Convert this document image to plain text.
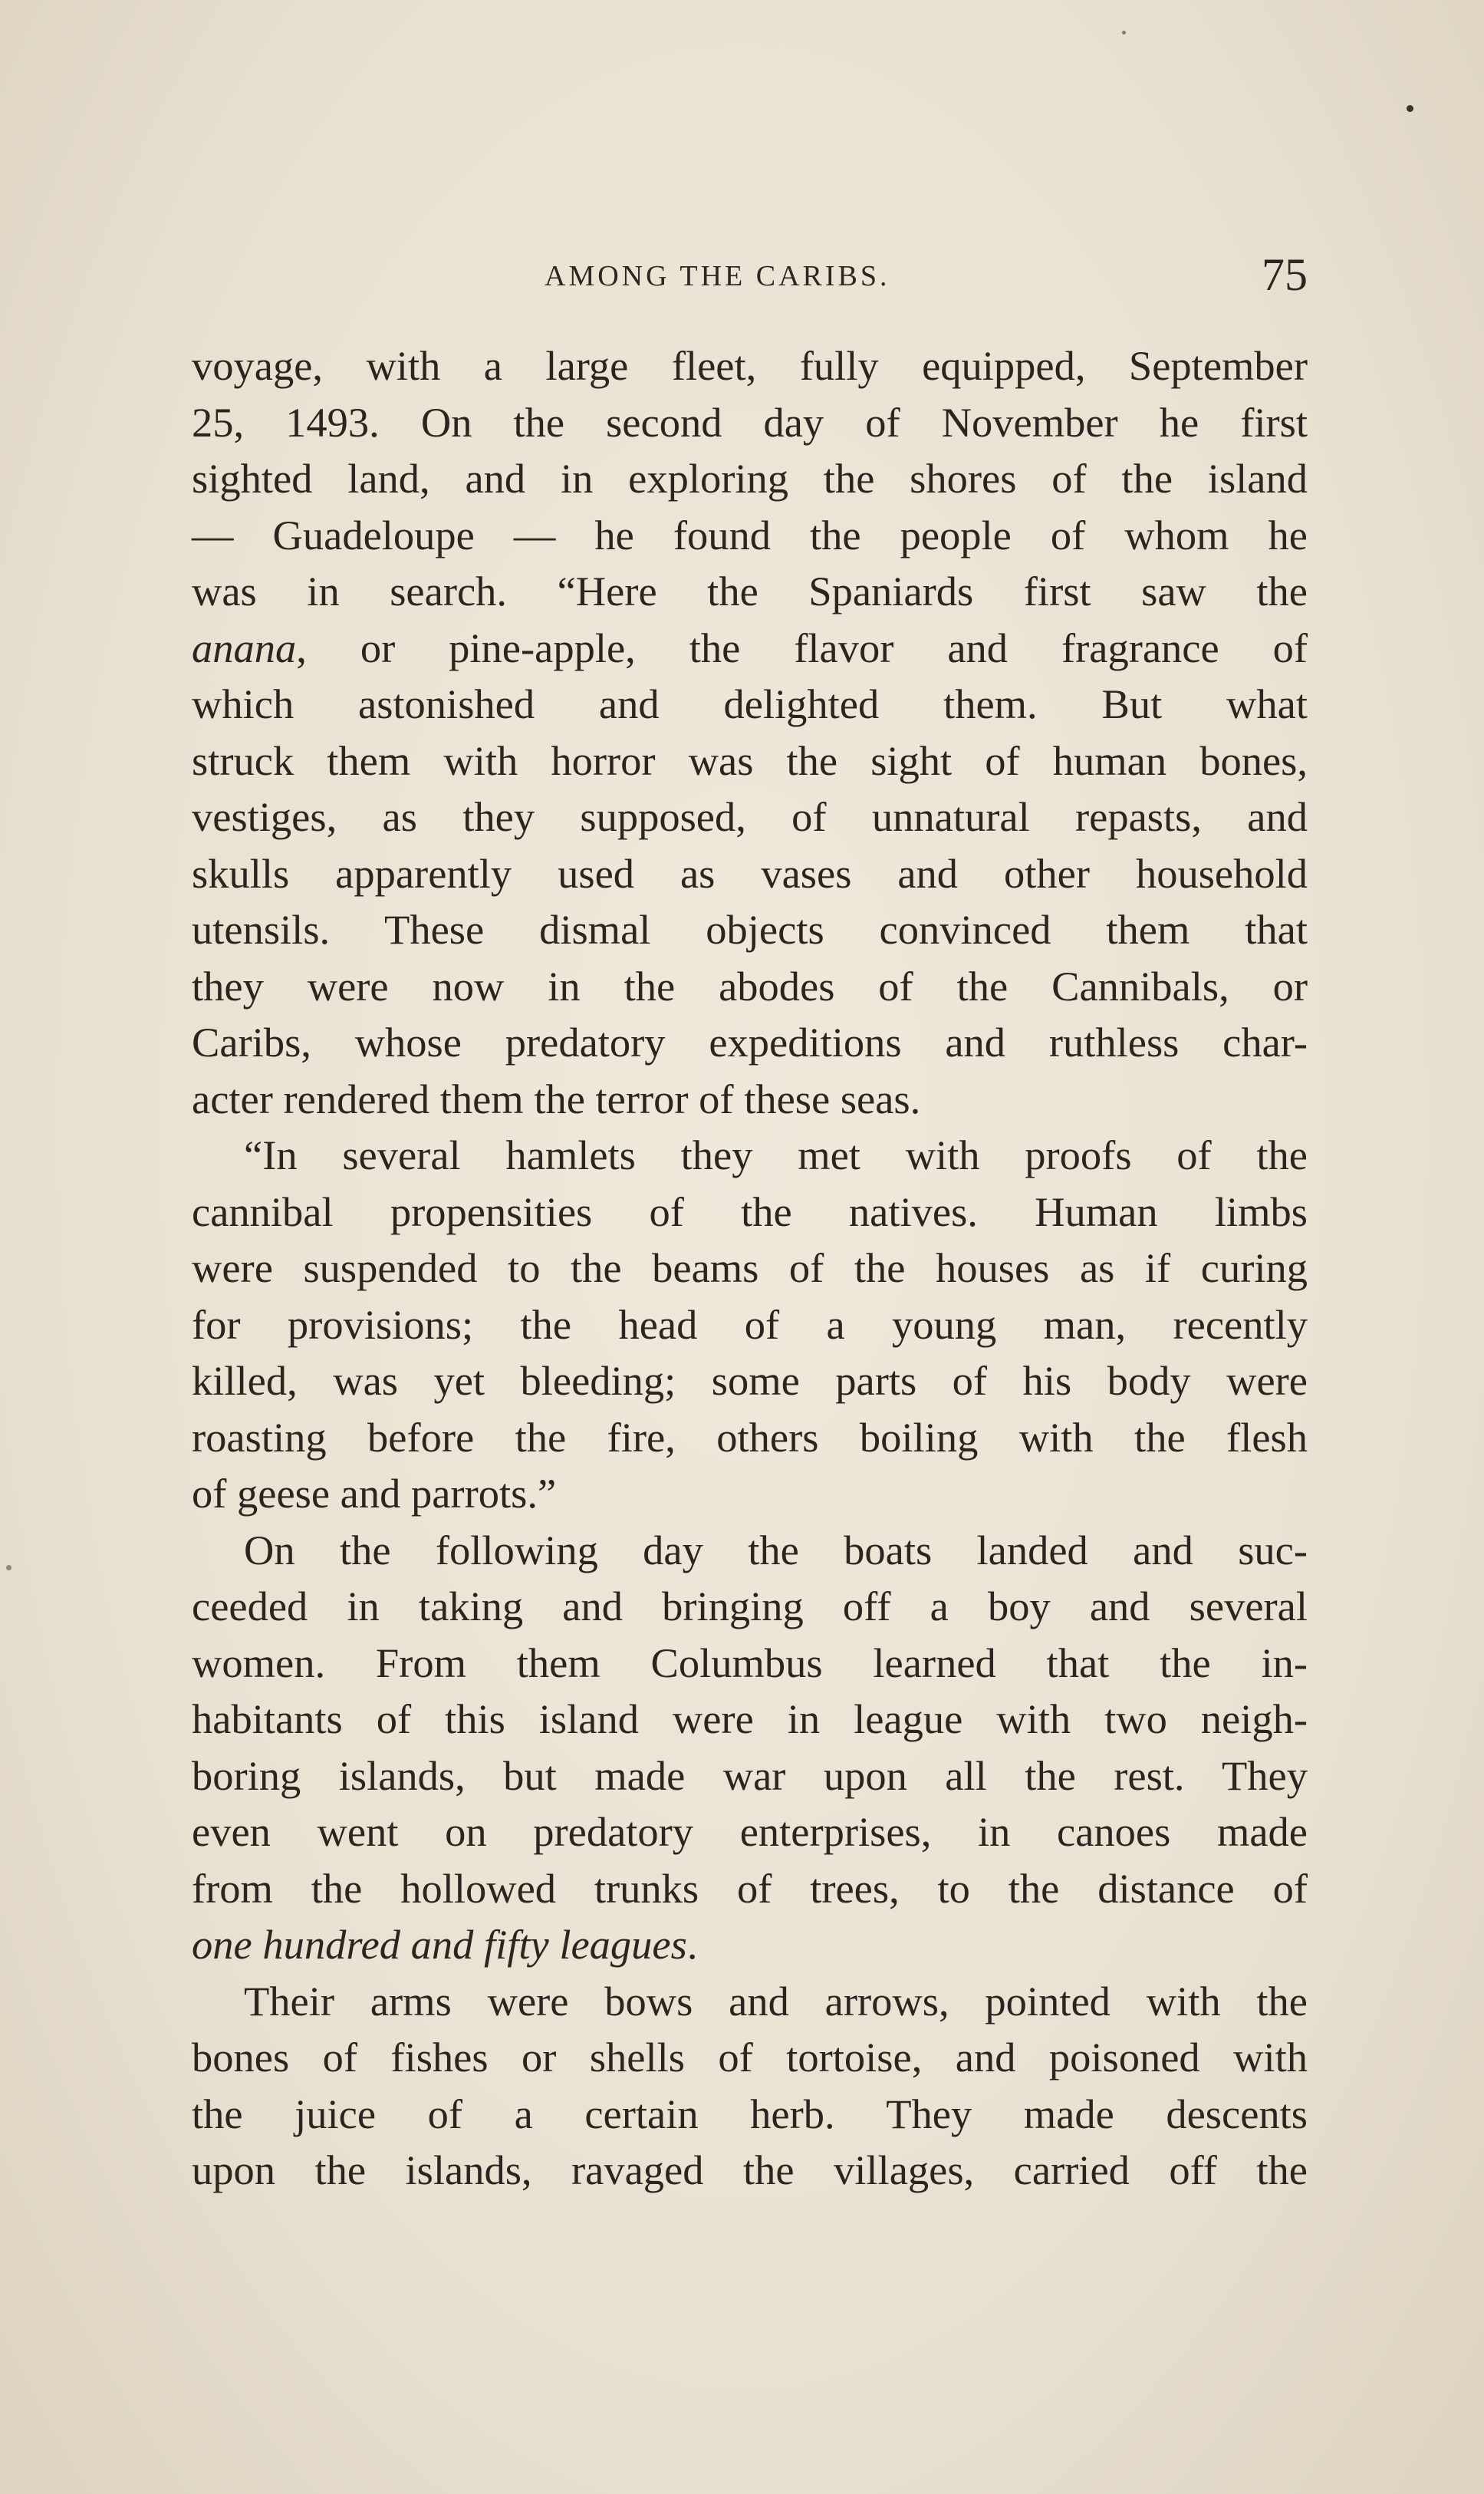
AMONG THE CARIBS.	75
voyage, with a large fleet, fully equipped, September
25, 1493. On the second day of November he first
sighted land, and in exploring the shores of the island
— Guadeloupe — he found the people of whom he
was in search. “Here the Spaniards first saw the
anana, or pine-apple, the flavor and fragrance of
which astonished and delighted them. But what
struck them with horror was the sight of human bones,
vestiges, as they supposed, of unnatural repasts, and
skulls apparently used as vases and other household
utensils. These dismal objects convinced them that
they were now in the abodes of the Cannibals, or
Caribs, whose predatory expeditions and ruthless char-
acter rendered them the terror of these seas.
“In several hamlets they met with proofs of the
cannibal propensities of the natives. Human limbs
were suspended to the beams of the houses as if curing
for provisions; the head of a young man, recently
killed, was yet bleeding; some parts of his body were
roasting before the fire, others boiling with the flesh
of geese and parrots.”
On the following day the boats landed and suc-
ceeded in taking and bringing off a boy and several
women. From them Columbus learned that the in-
habitants of this island were in league with two neigh-
boring islands, but made war upon all the rest. They
even went on predatory enterprises, in canoes made
from the hollowed trunks of trees, to the distance of
one hundred and fifty leagues.
Their arms were bows and arrows, pointed with the
bones of fishes or shells of tortoise, and poisoned with
the juice of a certain herb. They made descents
upon the islands, ravaged the villages, carried off the
